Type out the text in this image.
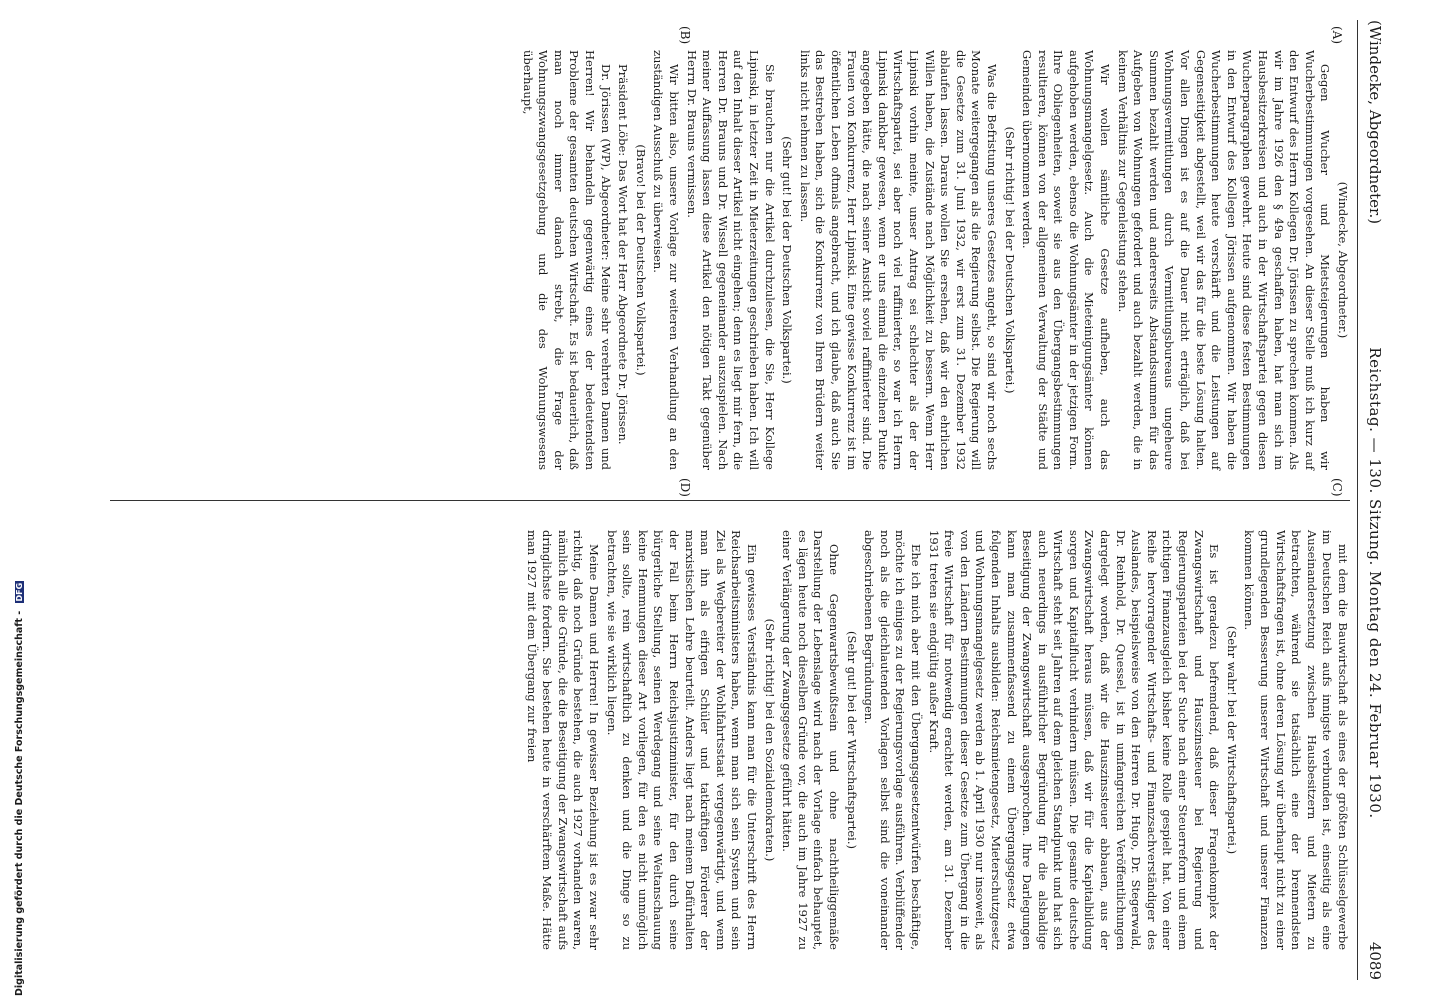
(Windecke, Abgeordneter.)
Reichstag. — 130. Sitzung. Montag den 24. Februar 1930.
4089
(A)
(B)
(C)
(D)

(Windecke, Abgeordneter.)

Gegen Wucher und Mietsteigerungen haben wir Wucherbestimmungen vorgesehen. An dieser Stelle muß ich kurz auf den Entwurf des Herrn Kollegen Dr. Jörissen zu sprechen kommen. Als wir im Jahre 1926 den § 49a geschaffen haben, hat man sich im Hausbesitzerkreisen und auch in der Wirtschaftspartei gegen diesen Wucherparagraphen gewehrt. Heute sind diese festen Bestimmungen in den Entwurf des Kollegen Jörissen aufgenommen. Wir haben die Wucherbestimmungen heute verschärft und die Leistungen auf Gegenseitigkeit abgestellt, weil wir das für die beste Lösung halten. Vor allen Dingen ist es auf die Dauer nicht erträglich, daß bei Wohnungsvermittlungen durch Vermittlungsbureaus ungeheure Summen bezahlt werden und andererseits Abstandssummen für das Aufgeben von Wohnungen gefordert und auch bezahlt werden, die in keinem Verhältnis zur Gegenleistung stehen.

Wir wollen sämtliche Gesetze aufheben, auch das Wohnungsmangelgesetz. Auch die Mieteinigungsämter können aufgehoben werden, ebenso die Wohnungsämter in der jetzigen Form. Ihre Obliegenheiten, soweit sie aus den Übergangsbestimmungen resultieren, können von der allgemeinen Verwaltung der Städte und Gemeinden übernommen werden.

(Sehr richtig! bei der Deutschen Volkspartei.)

Was die Befristung unseres Gesetzes angeht, so sind wir noch sechs Monate weitergegangen als die Regierung selbst. Die Regierung will die Gesetze zum 31. Juni 1932, wir erst zum 31. Dezember 1932 ablaufen lassen. Daraus wollen Sie ersehen, daß wir den ehrlichen Willen haben, die Zustände nach Möglichkeit zu bessern. Wenn Herr Lipinski vorhin meinte, unser Antrag sei schlechter als der der Wirtschaftspartei, sei aber noch viel raffinierter, so war ich Herrn Lipinski dankbar gewesen, wenn er uns einmal die einzelnen Punkte angegeben hätte, die nach seiner Ansicht soviel raffinierter sind. Die Frauen von Konkurrenz, Herr Lipinski. Eine gewisse Konkurrenz ist im öffentlichen Leben oftmals angebracht, und ich glaube, daß auch Sie das Bestreben haben, sich die Konkurrenz von Ihren Brüdern weiter links nicht nehmen zu lassen.

(Sehr gut! bei der Deutschen Volkspartei.)

Sie brauchen nur die Artikel durchzulesen, die Sie, Herr Kollege Lipinski, in letzter Zeit in Mieterzeitungen geschrieben haben. Ich will auf den Inhalt dieser Artikel nicht eingehen; denn es liegt mir fern, die Herren Dr. Brauns und Dr. Wissell gegeneinander auszuspielen. Nach meiner Auffassung lassen diese Artikel den nötigen Takt gegenüber Herrn Dr. Brauns vermissen.

Wir bitten also, unsere Vorlage zur weiteren Verhandlung an den zuständigen Ausschuß zu überweisen.

(Bravo! bei der Deutschen Volkspartei.)

Präsident Löbe: Das Wort hat der Herr Abgeordnete Dr. Jörissen.

Dr. Jörissen (WP), Abgeordneter: Meine sehr verehrten Damen und Herren! Wir behandeln gegenwärtig eines der bedeutendsten Probleme der gesamten deutschen Wirtschaft. Es ist bedauerlich, daß man noch immer danach strebt, die Frage der Wohnungszwangsgesetzgebung und die des Wohnungswesens überhaupt,

mit dem die Bauwirtschaft als eines der größten Schlüsselgewerbe im Deutschen Reich aufs innigste verbunden ist, einseitig als eine Auseinandersetzung zwischen Hausbesitzern und Mietern zu betrachten, während sie tatsächlich eine der brennendsten Wirtschaftsfragen ist, ohne deren Lösung wir überhaupt nicht zu einer grundlegenden Besserung unserer Wirtschaft und unserer Finanzen kommen können.

(Sehr wahr! bei der Wirtschaftspartei.)

Es ist geradezu befremdend, daß dieser Fragenkomplex der Zwangswirtschaft und Hauszinssteuer bei Regierung und Regierungsparteien bei der Suche nach einer Steuerreform und einem richtigen Finanzausgleich bisher keine Rolle gespielt hat. Von einer Reihe hervorragender Wirtschafts- und Finanzsachverständiger des Auslandes, beispielsweise von den Herren Dr. Hugo, Dr. Stegerwald, Dr. Reinhold, Dr. Quessel, ist in umfangreichen Veröffentlichungen dargelegt worden, daß wir die Hauszinssteuer abbauen, aus der Zwangswirtschaft heraus müssen, daß wir für die Kapitalbildung sorgen und Kapitalflucht verhindern müssen. Die gesamte deutsche Wirtschaft steht seit Jahren auf dem gleichen Standpunkt und hat sich auch neuerdings in ausführlicher Begründung für die alsbaldige Beseitigung der Zwangswirtschaft ausgesprochen. Ihre Darlegungen kann man zusammenfassend zu einem Übergangsgesetz etwa folgenden Inhalts ausbilden: Reichsmietengesetz, Mieterschutzgesetz und Wohnungsmangelgesetz werden ab 1. April 1930 nur insoweit, als von den Ländern Bestimmungen dieser Gesetze zum Übergang in die freie Wirtschaft für notwendig erachtet werden, am 31. Dezember 1931 treten sie endgültig außer Kraft.

Ehe ich mich aber mit den Übergangsgesetzentwürfen beschäftige, möchte ich einiges zu der Regierungsvorlage ausführen. Verblüffender noch als die gleichlautenden Vorlagen selbst sind die voneinander abgeschriebenen Begründungen.

(Sehr gut! bei der Wirtschaftspartei.)

Ohne Gegenwartsbewußtsein und ohne nachtheiliggemäße Darstellung der Lebenslage wird nach der Vorlage einfach behauptet, es lägen heute noch dieselben Gründe vor, die auch im Jahre 1927 zu einer Verlängerung der Zwangsgesetze geführt hätten.

(Sehr richtig! bei den Sozialdemokraten.)

Ein gewisses Verständnis kann man für die Unterschrift des Herrn Reichsarbeitsministers haben, wenn man sich sein System und sein Ziel als Wegbereiter der Wohlfahrtsstaat vergegenwärtigt, und wenn man ihn als eifrigen Schüler und tatkräftigen Förderer der marxistischen Lehre beurteilt. Anders liegt nach meinem Dafürhalten der Fall beim Herrn Reichsjustizminister, für den durch seine bürgerliche Stellung, seinen Werdegang und seine Weltanschauung keine Hemmungen dieser Art vorliegen, für den es nicht unmöglich sein sollte, rein wirtschaftlich zu denken und die Dinge so zu betrachten, wie sie wirklich liegen.

Meine Damen und Herren! In gewisser Beziehung ist es zwar sehr richtig, daß noch Gründe bestehen, die auch 1927 vorhanden waren, nämlich alle die Gründe, die die Beseitigung der Zwangswirtschaft aufs dringlichste fordern. Sie bestehen heute in verschärftem Maße. Hätte man 1927 mit dem Übergang zur freien

Digitalisierung gefördert durch die Deutsche Forschungsgemeinschaft - DFG
